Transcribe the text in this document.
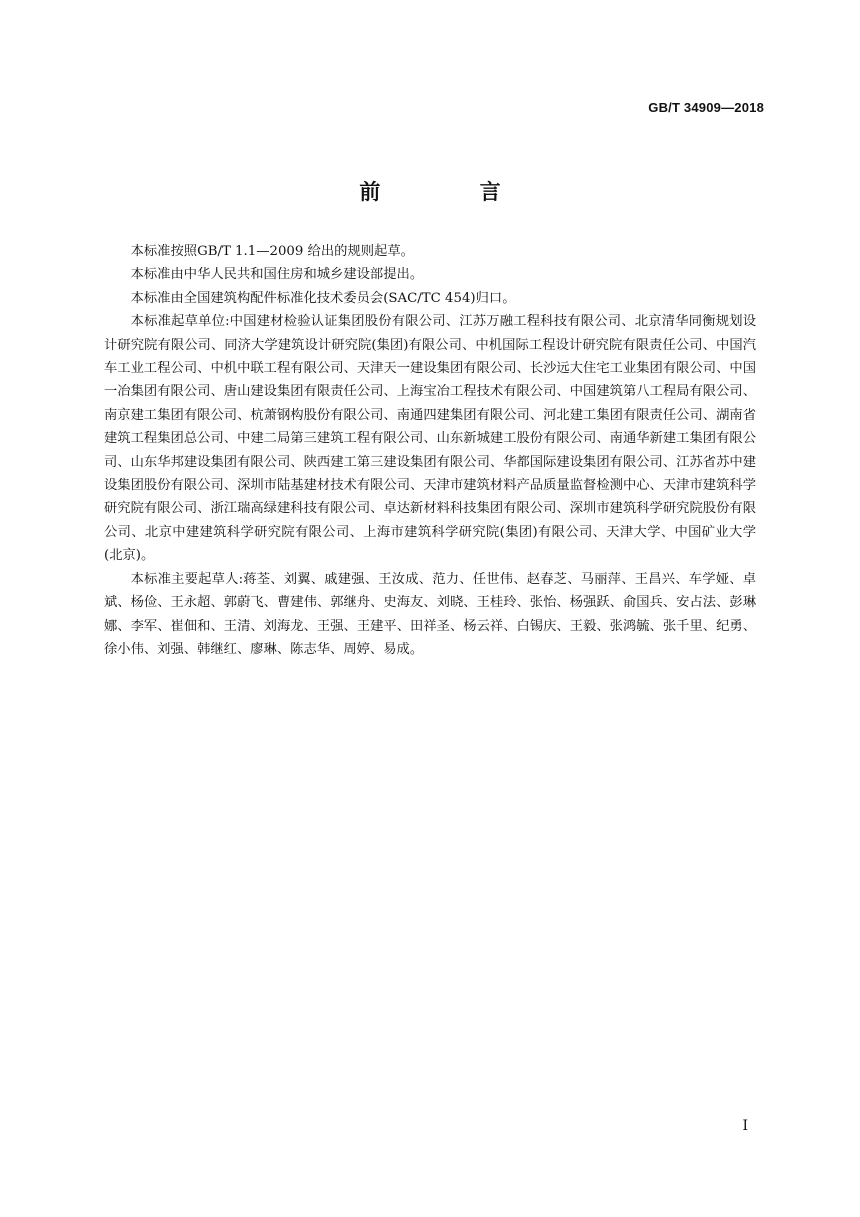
GB/T 34909—2018
前 言

本标准按照GB/T 1.1—2009 给出的规则起草。

本标准由中华人民共和国住房和城乡建设部提出。

本标准由全国建筑构配件标准化技术委员会(SAC/TC 454)归口。

本标准起草单位:中国建材检验认证集团股份有限公司、江苏万融工程科技有限公司、北京清华同衡规划设计研究院有限公司、同济大学建筑设计研究院(集团)有限公司、中机国际工程设计研究院有限责任公司、中国汽车工业工程公司、中机中联工程有限公司、天津天一建设集团有限公司、长沙远大住宅工业集团有限公司、中国一冶集团有限公司、唐山建设集团有限责任公司、上海宝冶工程技术有限公司、中国建筑第八工程局有限公司、南京建工集团有限公司、杭萧钢构股份有限公司、南通四建集团有限公司、河北建工集团有限责任公司、湖南省建筑工程集团总公司、中建二局第三建筑工程有限公司、山东新城建工股份有限公司、南通华新建工集团有限公司、山东华邦建设集团有限公司、陕西建工第三建设集团有限公司、华都国际建设集团有限公司、江苏省苏中建设集团股份有限公司、深圳市陆基建材技术有限公司、天津市建筑材料产品质量监督检测中心、天津市建筑科学研究院有限公司、浙江瑞高绿建科技有限公司、卓达新材料科技集团有限公司、深圳市建筑科学研究院股份有限公司、北京中建建筑科学研究院有限公司、上海市建筑科学研究院(集团)有限公司、天津大学、中国矿业大学(北京)。

本标准主要起草人:蒋荃、刘翼、戚建强、王汝成、范力、任世伟、赵春芝、马丽萍、王昌兴、车学娅、卓斌、杨俭、王永超、郭蔚飞、曹建伟、郭继舟、史海友、刘晓、王桂玲、张怡、杨强跃、俞国兵、安占法、彭琳娜、李军、崔佃和、王清、刘海龙、王强、王建平、田祥圣、杨云祥、白锡庆、王毅、张鸿毓、张千里、纪勇、徐小伟、刘强、韩继红、廖琳、陈志华、周婷、易成。

I
